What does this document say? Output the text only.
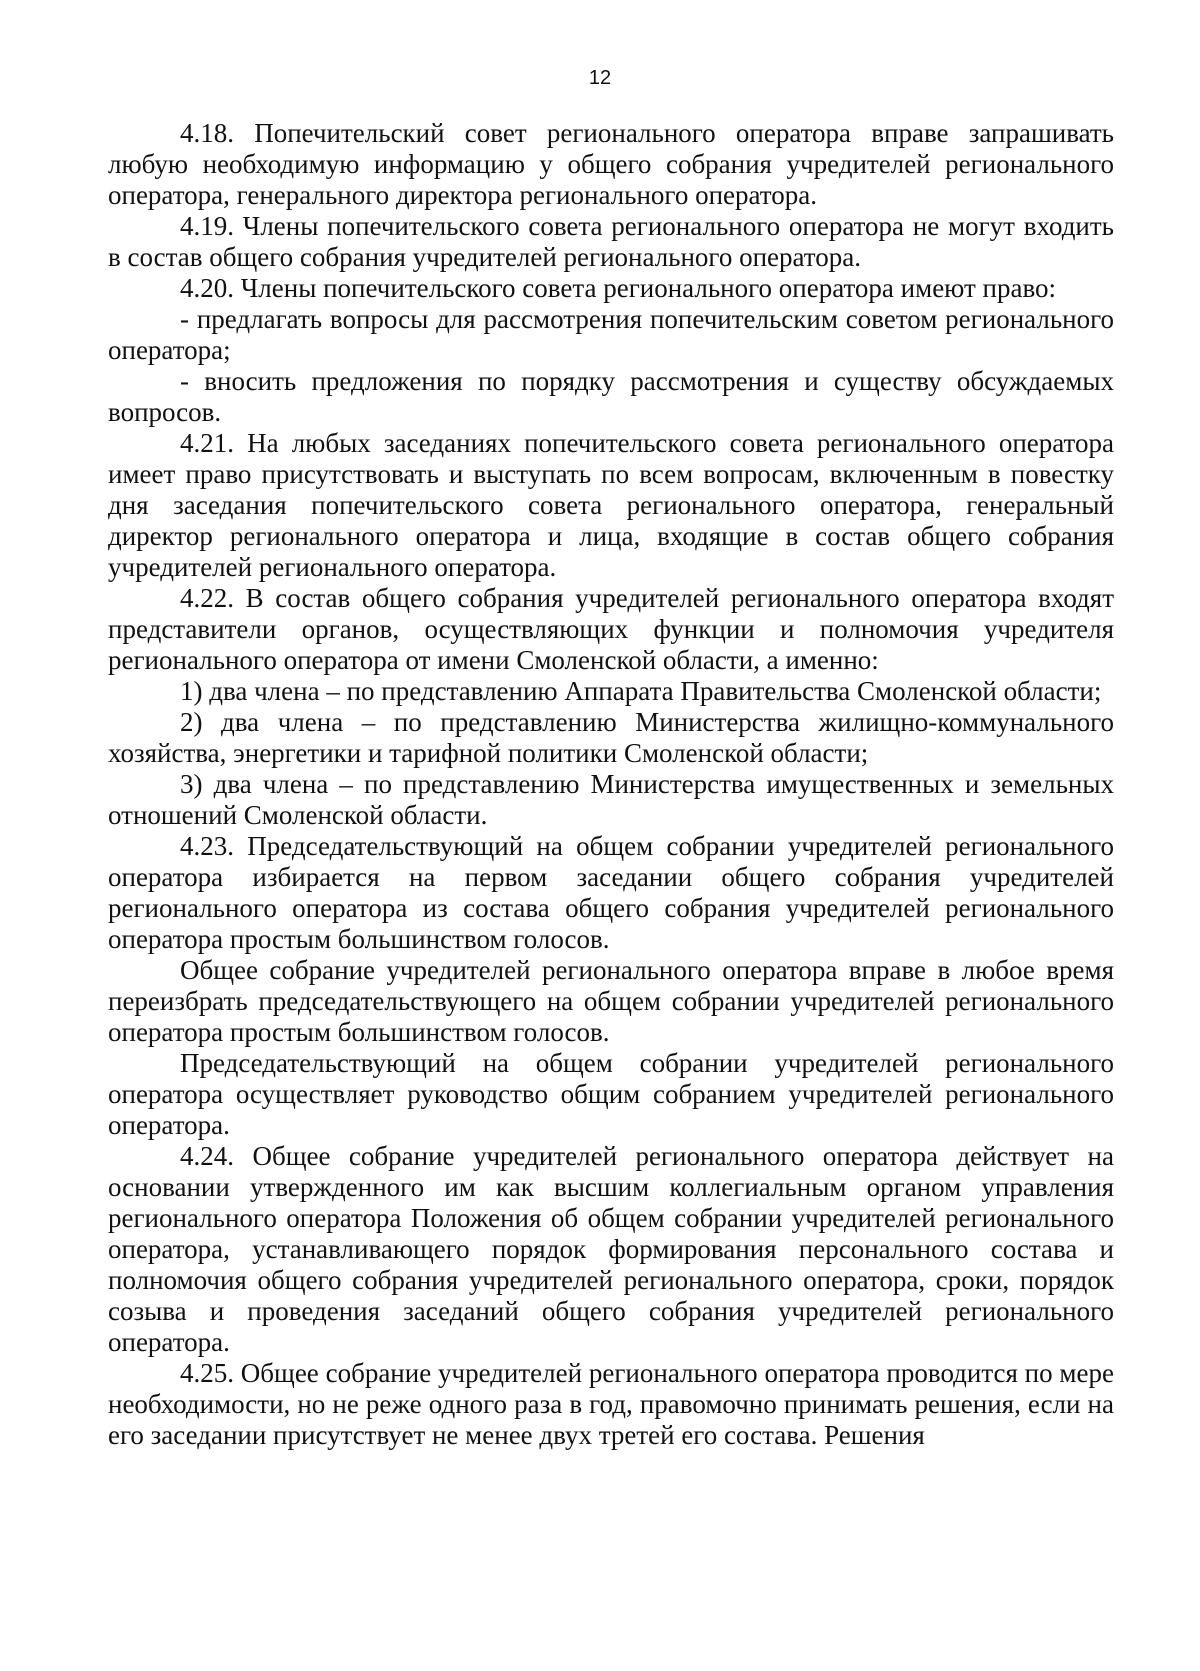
12

4.18. Попечительский совет регионального оператора вправе запрашивать любую необходимую информацию у общего собрания учредителей регионального оператора, генерального директора регионального оператора.

4.19. Члены попечительского совета регионального оператора не могут входить в состав общего собрания учредителей регионального оператора.

4.20. Члены попечительского совета регионального оператора имеют право:

- предлагать вопросы для рассмотрения попечительским советом регионального оператора;

- вносить предложения по порядку рассмотрения и существу обсуждаемых вопросов.

4.21. На любых заседаниях попечительского совета регионального оператора имеет право присутствовать и выступать по всем вопросам, включенным в повестку дня заседания попечительского совета регионального оператора, генеральный директор регионального оператора и лица, входящие в состав общего собрания учредителей регионального оператора.

4.22. В состав общего собрания учредителей регионального оператора входят представители органов, осуществляющих функции и полномочия учредителя регионального оператора от имени Смоленской области, а именно:

1) два члена – по представлению Аппарата Правительства Смоленской области;

2) два члена – по представлению Министерства жилищно-коммунального хозяйства, энергетики и тарифной политики Смоленской области;

3) два члена – по представлению Министерства имущественных и земельных отношений Смоленской области.

4.23. Председательствующий на общем собрании учредителей регионального оператора избирается на первом заседании общего собрания учредителей регионального оператора из состава общего собрания учредителей регионального оператора простым большинством голосов.

Общее собрание учредителей регионального оператора вправе в любое время переизбрать председательствующего на общем собрании учредителей регионального оператора простым большинством голосов.

Председательствующий на общем собрании учредителей регионального оператора осуществляет руководство общим собранием учредителей регионального оператора.

4.24. Общее собрание учредителей регионального оператора действует на основании утвержденного им как высшим коллегиальным органом управления регионального оператора Положения об общем собрании учредителей регионального оператора, устанавливающего порядок формирования персонального состава и полномочия общего собрания учредителей регионального оператора, сроки, порядок созыва и проведения заседаний общего собрания учредителей регионального оператора.

4.25. Общее собрание учредителей регионального оператора проводится по мере необходимости, но не реже одного раза в год, правомочно принимать решения, если на его заседании присутствует не менее двух третей его состава. Решения
